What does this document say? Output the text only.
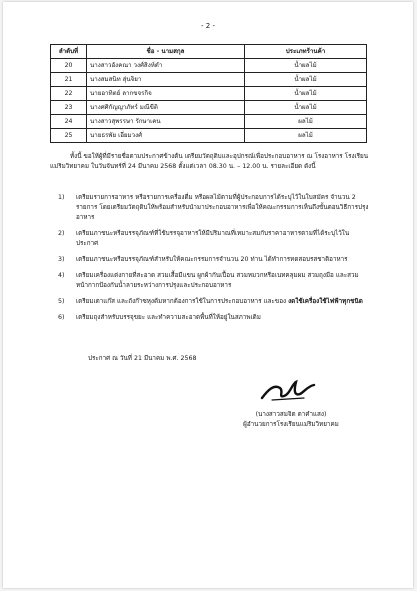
- 2 -
ลำดับที่	ชื่อ - นามสกุล	ประเภทร้านค้า
20	นางสาวอังคณา วงศ์สิงห์ดำ	น้ำผลไม้
21	นางสมสนิท สุ่นจิยา	น้ำผลไม้
22	นายอาทิตย์ ลากขจรกิจ	น้ำผลไม้
23	นางศศิกัญญาภัทร์ มณีขีติ	น้ำผลไม้
24	นางสาวสุพรรษา รักษาเคน	ผลไม้
25	นายธรพัย เอี่ยมวงศ์	ผลไม้
ทั้งนี้ ขอให้ผู้ที่มีรายชื่อตามประกาศข้างต้น เตรียมวัตถุดิบและอุปกรณ์เพื่อประกอบอาหาร ณ โรงอาหาร โรงเรียนแม่ริมวิทยาคม ในวันจันทร์ที่ 24 มีนาคม 2568 ตั้งแต่เวลา 08.30 น. – 12.00 น. รายละเอียด ดังนี้
1) เตรียมรายการอาหาร หรือรายการเครื่องดื่ม หรือผลไม้ตามที่ผู้ประกอบการได้ระบุไว้ในใบสมัคร จำนวน 2 รายการ โดยเตรียมวัตถุดิบให้พร้อมสำหรับนำมาประกอบอาหารเพื่อให้คณะกรรมการเห็นถึงขั้นตอนวิธีการปรุงอาหาร
2) เตรียมภาชนะหรือบรรจุภัณฑ์ที่ใช้บรรจุอาหารให้มีปริมาณที่เหมาะสมกับราคาอาหารตามที่ได้ระบุไว้ในประกาศ
3) เตรียมภาชนะหรือบรรจุภัณฑ์สำหรับให้คณะกรรมการจำนวน 20 ท่าน ได้ทำการทดสอบรสชาติอาหาร
4) เตรียมเครื่องแต่งกายที่สะอาด สวมเสื้อมีแขน ผูกผ้ากันเปื้อน สวมหมวกหรือเนทคลุมผม สวมถุงมือ และสวมหน้ากากป้องกันน้ำลายระหว่างการปรุงและประกอบอาหาร
5) เตรียมเตาแก๊ส และถังก๊าซหุงต้มหากต้องการใช้ในการประกอบอาหาร และของ งดใช้เครื่องใช้ไฟฟ้าทุกชนิด
6) เตรียมถุงสำหรับบรรจุขยะ และทำความสะอาดพื้นที่ให้อยู่ในสภาพเดิม
ประกาศ ณ วันที่ 21 มีนาคม พ.ศ. 2568
(นางสาวสมจิต ตาคำแสง)
ผู้อำนวยการโรงเรียนแม่ริมวิทยาคม
